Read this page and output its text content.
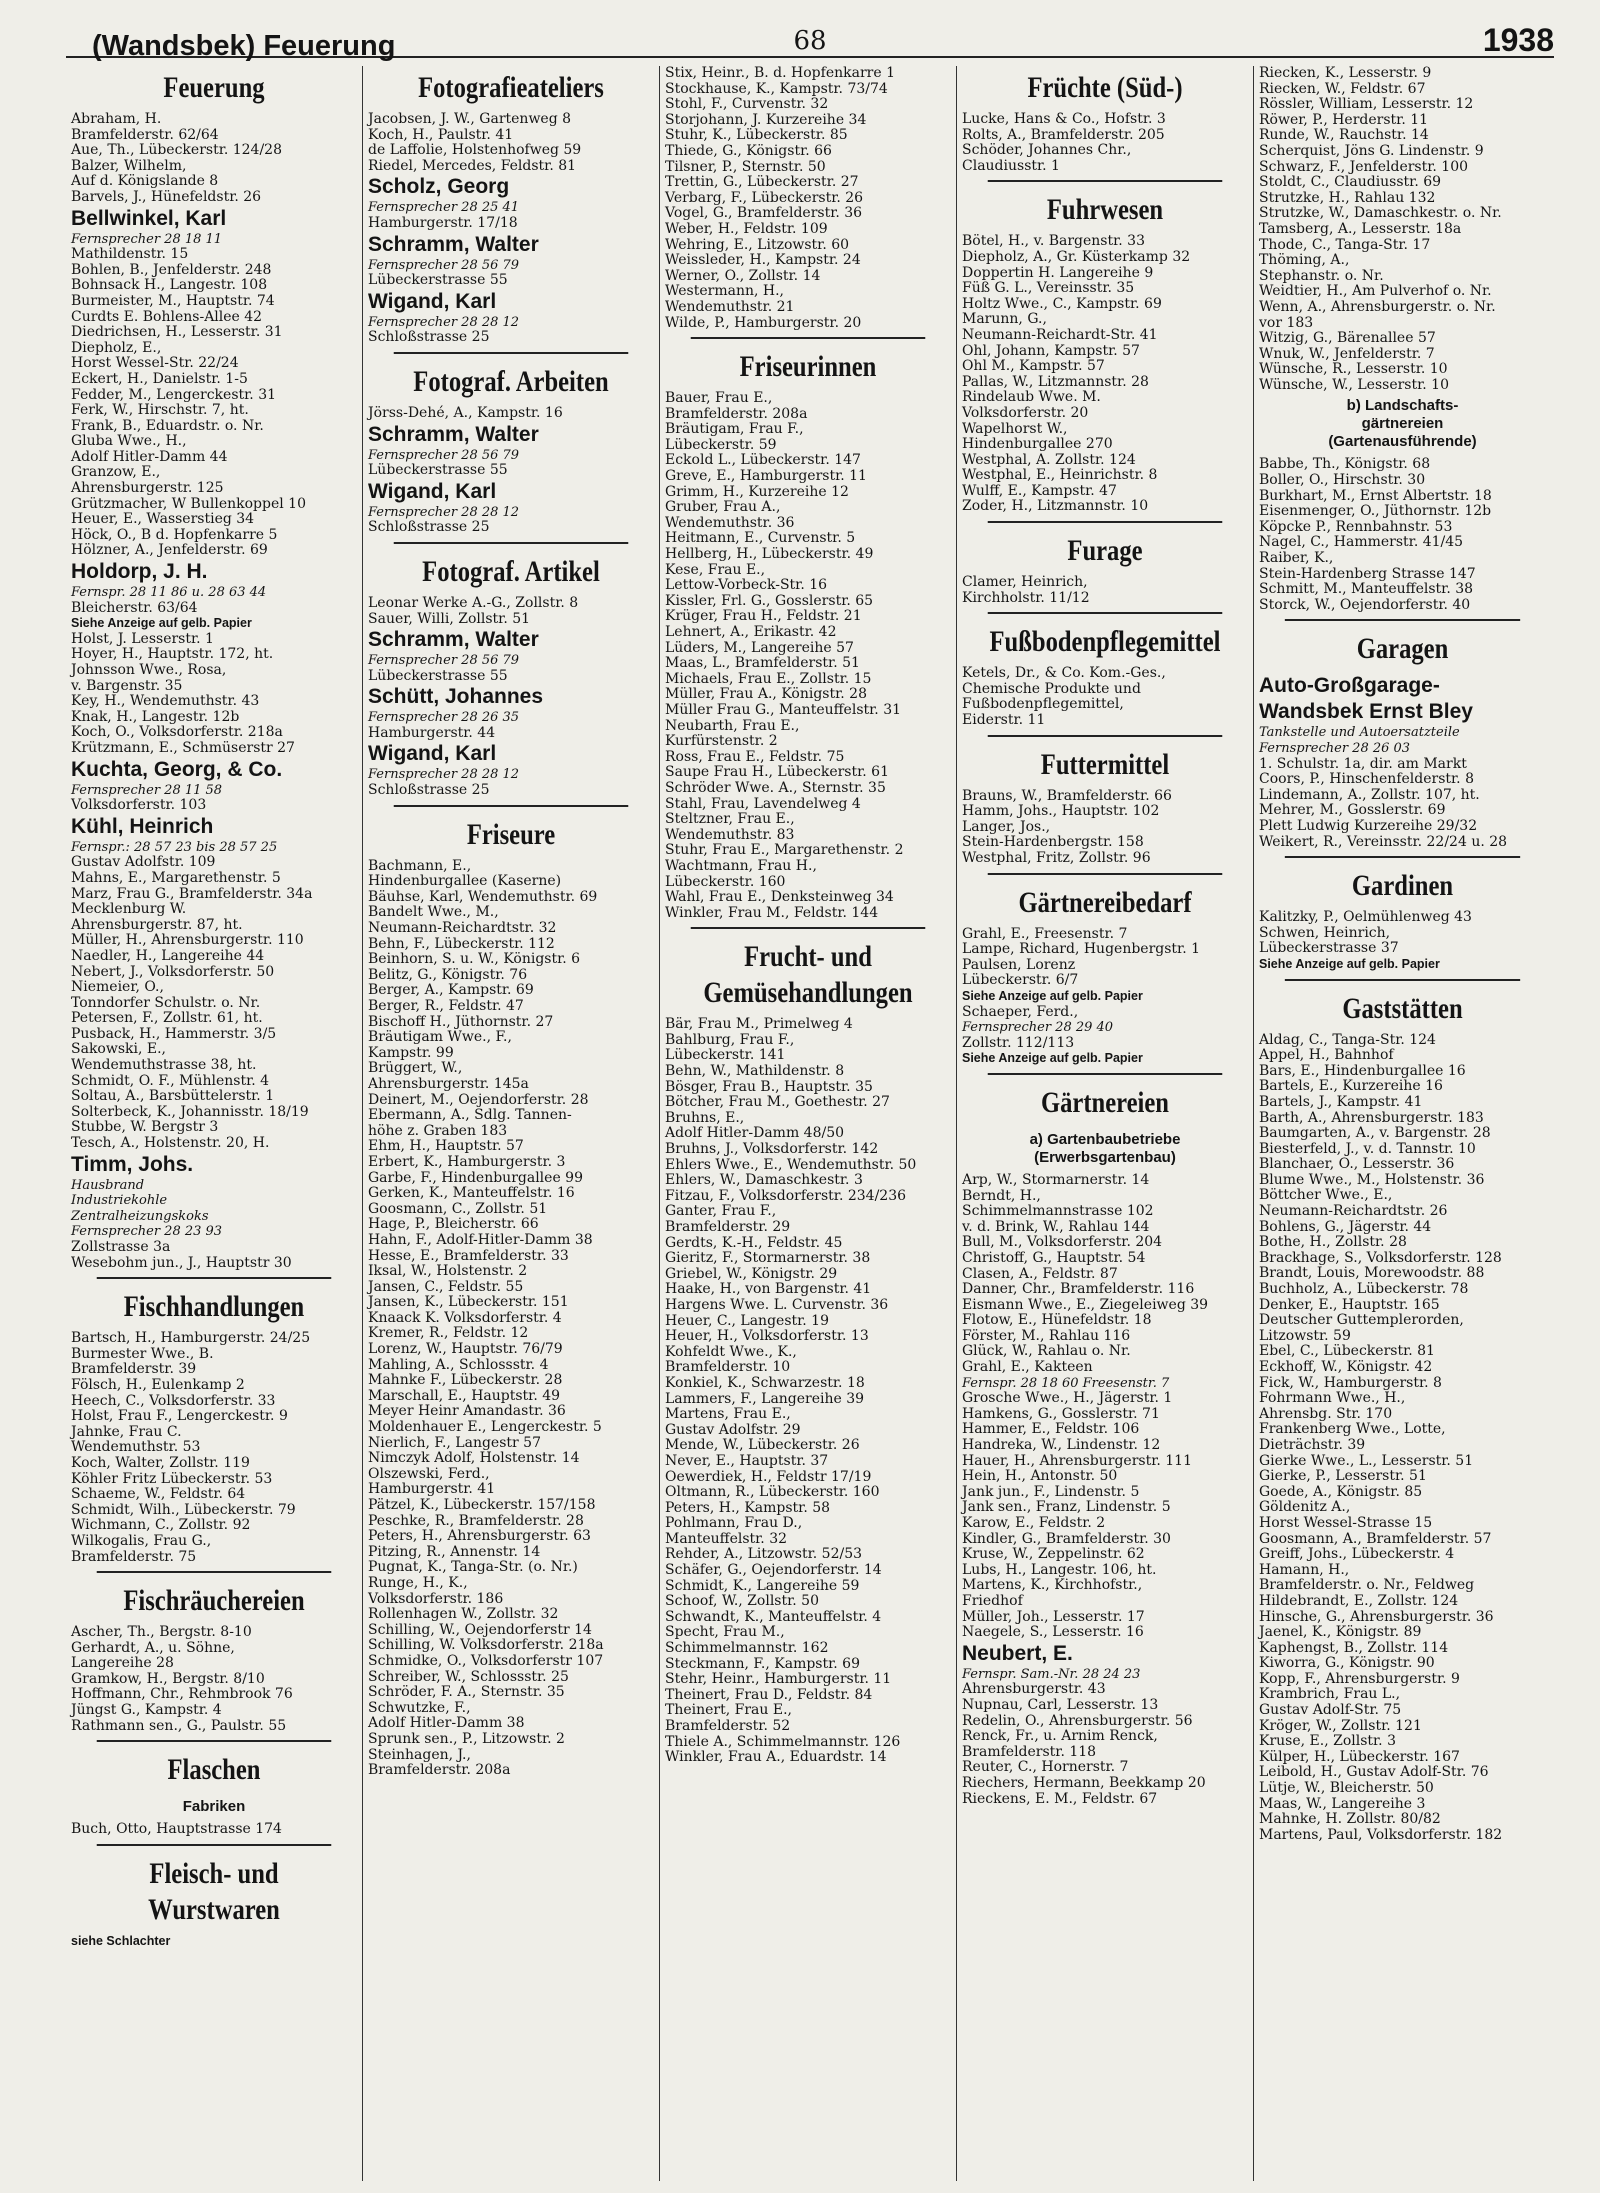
(Wandsbek) Feuerung	68	1938
Feuerung
Abraham, H.
Bramfelderstr. 62/64
Aue, Th., Lübeckerstr. 124/28
Balzer, Wilhelm,
Auf d. Königslande 8
Barvels, J., Hünefeldstr. 26
Bellwinkel, Karl
Fernsprecher 28 18 11
Mathildenstr. 15
Bohlen, B., Jenfelderstr. 248
Bohnsack H., Langestr. 108
Burmeister, M., Hauptstr. 74
Curdts E. Bohlens-Allee 42
Diedrichsen, H., Lesserstr. 31
Diepholz, E.,
Horst Wessel-Str. 22/24
Eckert, H., Danielstr. 1-5
Fedder, M., Lengerckestr. 31
Ferk, W., Hirschstr. 7, ht.
Frank, B., Eduardstr. o. Nr.
Gluba Wwe., H.,
Adolf Hitler-Damm 44
Granzow, E.,
Ahrensburgerstr. 125
Grützmacher, W Bullenkoppel 10
Heuer, E., Wasserstieg 34
Höck, O., B d. Hopfenkarre 5
Hölzner, A., Jenfelderstr. 69
Holdorp, J. H.
Fernspr. 28 11 86 u. 28 63 44
Bleicherstr. 63/64
Siehe Anzeige auf gelb. Papier
Holst, J. Lesserstr. 1
Hoyer, H., Hauptstr. 172, ht.
Johnsson Wwe., Rosa,
v. Bargenstr. 35
Key, H., Wendemuthstr. 43
Knak, H., Langestr. 12b
Koch, O., Volksdorferstr. 218a
Krützmann, E., Schmüserstr 27
Kuchta, Georg, & Co.
Fernsprecher 28 11 58
Volksdorferstr. 103
Kühl, Heinrich
Fernspr.: 28 57 23 bis 28 57 25
Gustav Adolfstr. 109
Mahns, E., Margarethenstr. 5
Marz, Frau G., Bramfelderstr. 34a
Mecklenburg W.
Ahrensburgerstr. 87, ht.
Müller, H., Ahrensburgerstr. 110
Naedler, H., Langereihe 44
Nebert, J., Volksdorferstr. 50
Niemeier, O.,
Tonndorfer Schulstr. o. Nr.
Petersen, F., Zollstr. 61, ht.
Pusback, H., Hammerstr. 3/5
Sakowski, E.,
Wendemuthstrasse 38, ht.
Schmidt, O. F., Mühlenstr. 4
Soltau, A., Barsbüttelerstr. 1
Solterbeck, K., Johannisstr. 18/19
Stubbe, W. Bergstr 3
Tesch, A., Holstenstr. 20, H.
Timm, Johs.
Hausbrand
Industriekohle
Zentralheizungskoks
Fernsprecher 28 23 93
Zollstrasse 3a
Wesebohm jun., J., Hauptstr 30
Fischhandlungen
Bartsch, H., Hamburgerstr. 24/25
Burmester Wwe., B.
Bramfelderstr. 39
Fölsch, H., Eulenkamp 2
Heech, C., Volksdorferstr. 33
Holst, Frau F., Lengerckestr. 9
Jahnke, Frau C.
Wendemuthstr. 53
Koch, Walter, Zollstr. 119
Köhler Fritz Lübeckerstr. 53
Schaeme, W., Feldstr. 64
Schmidt, Wilh., Lübeckerstr. 79
Wichmann, C., Zollstr. 92
Wilkogalis, Frau G.,
Bramfelderstr. 75
Fischräuchereien
Ascher, Th., Bergstr. 8-10
Gerhardt, A., u. Söhne,
Langereihe 28
Gramkow, H., Bergstr. 8/10
Hoffmann, Chr., Rehmbrook 76
Jüngst G., Kampstr. 4
Rathmann sen., G., Paulstr. 55
Flaschen
Fabriken
Buch, Otto, Hauptstrasse 174
Fleisch- und Wurstwaren
siehe Schlachter
Fotografieateliers
Jacobsen, J. W., Gartenweg 8
Koch, H., Paulstr. 41
de Laffolie, Holstenhofweg 59
Riedel, Mercedes, Feldstr. 81
Scholz, Georg
Fernsprecher 28 25 41
Hamburgerstr. 17/18
Schramm, Walter
Fernsprecher 28 56 79
Lübeckerstrasse 55
Wigand, Karl
Fernsprecher 28 28 12
Schloßstrasse 25
Fotograf. Arbeiten
Jörss-Dehé, A., Kampstr. 16
Schramm, Walter
Fernsprecher 28 56 79
Lübeckerstrasse 55
Wigand, Karl
Fernsprecher 28 28 12
Schloßstrasse 25
Fotograf. Artikel
Leonar Werke A.-G., Zollstr. 8
Sauer, Willi, Zollstr. 51
Schramm, Walter
Fernsprecher 28 56 79
Lübeckerstrasse 55
Schütt, Johannes
Fernsprecher 28 26 35
Hamburgerstr. 44
Wigand, Karl
Fernsprecher 28 28 12
Schloßstrasse 25
Friseure
Bachmann, E.,
Hindenburgallee (Kaserne)
Bäuhse, Karl, Wendemuthstr. 69
Bandelt Wwe., M.,
Neumann-Reichardtstr. 32
Behn, F., Lübeckerstr. 112
Beinhorn, S. u. W., Königstr. 6
Belitz, G., Königstr. 76
Berger, A., Kampstr. 69
Berger, R., Feldstr. 47
Bischoff H., Jüthornstr. 27
Bräutigam Wwe., F.,
Kampstr. 99
Brüggert, W.,
Ahrensburgerstr. 145a
Deinert, M., Oejendorferstr. 28
Ebermann, A., Sdlg. Tannen-
höhe z. Graben 183
Ehm, H., Hauptstr. 57
Erbert, K., Hamburgerstr. 3
Garbe, F., Hindenburgallee 99
Gerken, K., Manteuffelstr. 16
Goosmann, C., Zollstr. 51
Hage, P., Bleicherstr. 66
Hahn, F., Adolf-Hitler-Damm 38
Hesse, E., Bramfelderstr. 33
Iksal, W., Holstenstr. 2
Jansen, C., Feldstr. 55
Jansen, K., Lübeckerstr. 151
Knaack K. Volksdorferstr. 4
Kremer, R., Feldstr. 12
Lorenz, W., Hauptstr. 76/79
Mahling, A., Schlossstr. 4
Mahnke F., Lübeckerstr. 28
Marschall, E., Hauptstr. 49
Meyer Heinr Amandastr. 36
Moldenhauer E., Lengerckestr. 5
Nierlich, F., Langestr 57
Nimczyk Adolf, Holstenstr. 14
Olszewski, Ferd.,
Hamburgerstr. 41
Pätzel, K., Lübeckerstr. 157/158
Peschke, R., Bramfelderstr. 28
Peters, H., Ahrensburgerstr. 63
Pitzing, R., Annenstr. 14
Pugnat, K., Tanga-Str. (o. Nr.)
Runge, H., K.,
Volksdorferstr. 186
Rollenhagen W., Zollstr. 32
Schilling, W., Oejendorferstr 14
Schilling, W. Volksdorferstr. 218a
Schmidke, O., Volksdorferstr 107
Schreiber, W., Schlossstr. 25
Schröder, F. A., Sternstr. 35
Schwutzke, F.,
Adolf Hitler-Damm 38
Sprunk sen., P., Litzowstr. 2
Steinhagen, J.,
Bramfelderstr. 208a
Stix, Heinr., B. d. Hopfenkarre 1
Stockhause, K., Kampstr. 73/74
Stohl, F., Curvenstr. 32
Storjohann, J. Kurzereihe 34
Stuhr, K., Lübeckerstr. 85
Thiede, G., Königstr. 66
Tilsner, P., Sternstr. 50
Trettin, G., Lübeckerstr. 27
Verbarg, F., Lübeckerstr. 26
Vogel, G., Bramfelderstr. 36
Weber, H., Feldstr. 109
Wehring, E., Litzowstr. 60
Weissleder, H., Kampstr. 24
Werner, O., Zollstr. 14
Westermann, H.,
Wendemuthstr. 21
Wilde, P., Hamburgerstr. 20
Friseurinnen
Bauer, Frau E.,
Bramfelderstr. 208a
Bräutigam, Frau F.,
Lübeckerstr. 59
Eckold L., Lübeckerstr. 147
Greve, E., Hamburgerstr. 11
Grimm, H., Kurzereihe 12
Gruber, Frau A.,
Wendemuthstr. 36
Heitmann, E., Curvenstr. 5
Hellberg, H., Lübeckerstr. 49
Kese, Frau E.,
Lettow-Vorbeck-Str. 16
Kissler, Frl. G., Gosslerstr. 65
Krüger, Frau H., Feldstr. 21
Lehnert, A., Erikastr. 42
Lüders, M., Langereihe 57
Maas, L., Bramfelderstr. 51
Michaels, Frau E., Zollstr. 15
Müller, Frau A., Königstr. 28
Müller Frau G., Manteuffelstr. 31
Neubarth, Frau E.,
Kurfürstenstr. 2
Ross, Frau E., Feldstr. 75
Saupe Frau H., Lübeckerstr. 61
Schröder Wwe. A., Sternstr. 35
Stahl, Frau, Lavendelweg 4
Steltzner, Frau E.,
Wendemuthstr. 83
Stuhr, Frau E., Margarethenstr. 2
Wachtmann, Frau H.,
Lübeckerstr. 160
Wahl, Frau E., Denksteinweg 34
Winkler, Frau M., Feldstr. 144
Frucht- und Gemüsehandlungen
Bär, Frau M., Primelweg 4
Bahlburg, Frau F.,
Lübeckerstr. 141
Behn, W., Mathildenstr. 8
Bösger, Frau B., Hauptstr. 35
Bötcher, Frau M., Goethestr. 27
Bruhns, E.,
Adolf Hitler-Damm 48/50
Bruhns, J., Volksdorferstr. 142
Ehlers Wwe., E., Wendemuthstr. 50
Ehlers, W., Damaschkestr. 3
Fitzau, F., Volksdorferstr. 234/236
Ganter, Frau F.,
Bramfelderstr. 29
Gerdts, K.-H., Feldstr. 45
Gieritz, F., Stormarnerstr. 38
Griebel, W., Königstr. 29
Haake, H., von Bargenstr. 41
Hargens Wwe. L. Curvenstr. 36
Heuer, C., Langestr. 19
Heuer, H., Volksdorferstr. 13
Kohfeldt Wwe., K.,
Bramfelderstr. 10
Konkiel, K., Schwarzestr. 18
Lammers, F., Langereihe 39
Martens, Frau E.,
Gustav Adolfstr. 29
Mende, W., Lübeckerstr. 26
Never, E., Hauptstr. 37
Oewerdiek, H., Feldstr 17/19
Oltmann, R., Lübeckerstr. 160
Peters, H., Kampstr. 58
Pohlmann, Frau D.,
Manteuffelstr. 32
Rehder, A., Litzowstr. 52/53
Schäfer, G., Oejendorferstr. 14
Schmidt, K., Langereihe 59
Schoof, W., Zollstr. 50
Schwandt, K., Manteuffelstr. 4
Specht, Frau M.,
Schimmelmannstr. 162
Steckmann, F., Kampstr. 69
Stehr, Heinr., Hamburgerstr. 11
Theinert, Frau D., Feldstr. 84
Theinert, Frau E.,
Bramfelderstr. 52
Thiele A., Schimmelmannstr. 126
Winkler, Frau A., Eduardstr. 14
Früchte (Süd-)
Lucke, Hans & Co., Hofstr. 3
Rolts, A., Bramfelderstr. 205
Schöder, Johannes Chr.,
Claudiusstr. 1
Fuhrwesen
Bötel, H., v. Bargenstr. 33
Diepholz, A., Gr. Küsterkamp 32
Doppertin H. Langereihe 9
Füß G. L., Vereinsstr. 35
Holtz Wwe., C., Kampstr. 69
Marunn, G.,
Neumann-Reichardt-Str. 41
Ohl, Johann, Kampstr. 57
Ohl M., Kampstr. 57
Pallas, W., Litzmannstr. 28
Rindelaub Wwe. M.
Volksdorferstr. 20
Wapelhorst W.,
Hindenburgallee 270
Westphal, A. Zollstr. 124
Westphal, E., Heinrichstr. 8
Wulff, E., Kampstr. 47
Zoder, H., Litzmannstr. 10
Furage
Clamer, Heinrich,
Kirchholstr. 11/12
Fußbodenpflegemittel
Ketels, Dr., & Co. Kom.-Ges.,
Chemische Produkte und
Fußbodenpflegemittel,
Eiderstr. 11
Futtermittel
Brauns, W., Bramfelderstr. 66
Hamm, Johs., Hauptstr. 102
Langer, Jos.,
Stein-Hardenbergstr. 158
Westphal, Fritz, Zollstr. 96
Gärtnereibedarf
Grahl, E., Freesenstr. 7
Lampe, Richard, Hugenbergstr. 1
Paulsen, Lorenz
Lübeckerstr. 6/7
Siehe Anzeige auf gelb. Papier
Schaeper, Ferd.,
Fernsprecher 28 29 40
Zollstr. 112/113
Siehe Anzeige auf gelb. Papier
Gärtnereien
a) Gartenbaubetriebe
(Erwerbsgartenbau)
Arp, W., Stormarnerstr. 14
Berndt, H.,
Schimmelmannstrasse 102
v. d. Brink, W., Rahlau 144
Bull, M., Volksdorferstr. 204
Christoff, G., Hauptstr. 54
Clasen, A., Feldstr. 87
Danner, Chr., Bramfelderstr. 116
Eismann Wwe., E., Ziegeleiweg 39
Flotow, E., Hünefeldstr. 18
Förster, M., Rahlau 116
Glück, W., Rahlau o. Nr.
Grahl, E., Kakteen
Fernspr. 28 18 60 Freesenstr. 7
Grosche Wwe., H., Jägerstr. 1
Hamkens, G., Gosslerstr. 71
Hammer, E., Feldstr. 106
Handreka, W., Lindenstr. 12
Hauer, H., Ahrensburgerstr. 111
Hein, H., Antonstr. 50
Jank jun., F., Lindenstr. 5
Jank sen., Franz, Lindenstr. 5
Karow, E., Feldstr. 2
Kindler, G., Bramfelderstr. 30
Kruse, W., Zeppelinstr. 62
Lubs, H., Langestr. 106, ht.
Martens, K., Kirchhofstr.,
Friedhof
Müller, Joh., Lesserstr. 17
Naegele, S., Lesserstr. 16
Neubert, E.
Fernspr. Sam.-Nr. 28 24 23
Ahrensburgerstr. 43
Nupnau, Carl, Lesserstr. 13
Redelin, O., Ahrensburgerstr. 56
Renck, Fr., u. Arnim Renck,
Bramfelderstr. 118
Reuter, C., Hornerstr. 7
Riechers, Hermann, Beekkamp 20
Rieckens, E. M., Feldstr. 67
Riecken, K., Lesserstr. 9
Riecken, W., Feldstr. 67
Rössler, William, Lesserstr. 12
Röwer, P., Herderstr. 11
Runde, W., Rauchstr. 14
Scherquist, Jöns G. Lindenstr. 9
Schwarz, F., Jenfelderstr. 100
Stoldt, C., Claudiusstr. 69
Strutzke, H., Rahlau 132
Strutzke, W., Damaschkestr. o. Nr.
Tamsberg, A., Lesserstr. 18a
Thode, C., Tanga-Str. 17
Thöming, A.,
Stephanstr. o. Nr.
Weidtier, H., Am Pulverhof o. Nr.
Wenn, A., Ahrensburgerstr. o. Nr.
vor 183
Witzig, G., Bärenallee 57
Wnuk, W., Jenfelderstr. 7
Wünsche, R., Lesserstr. 10
Wünsche, W., Lesserstr. 10
b) Landschafts-
gärtnereien
(Gartenausführende)
Babbe, Th., Königstr. 68
Boller, O., Hirschstr. 30
Burkhart, M., Ernst Albertstr. 18
Eisenmenger, O., Jüthornstr. 12b
Köpcke P., Rennbahnstr. 53
Nagel, C., Hammerstr. 41/45
Raiber, K.,
Stein-Hardenberg Strasse 147
Schmitt, M., Manteuffelstr. 38
Storck, W., Oejendorferstr. 40
Garagen
Auto-Großgarage-
Wandsbek Ernst Bley
Tankstelle und Autoersatzteile
Fernsprecher 28 26 03
1. Schulstr. 1a, dir. am Markt
Coors, P., Hinschenfelderstr. 8
Lindemann, A., Zollstr. 107, ht.
Mehrer, M., Gosslerstr. 69
Plett Ludwig Kurzereihe 29/32
Weikert, R., Vereinsstr. 22/24 u. 28
Gardinen
Kalitzky, P., Oelmühlenweg 43
Schwen, Heinrich,
Lübeckerstrasse 37
Siehe Anzeige auf gelb. Papier
Gaststätten
Aldag, C., Tanga-Str. 124
Appel, H., Bahnhof
Bars, E., Hindenburgallee 16
Bartels, E., Kurzereihe 16
Bartels, J., Kampstr. 41
Barth, A., Ahrensburgerstr. 183
Baumgarten, A., v. Bargenstr. 28
Biesterfeld, J., v. d. Tannstr. 10
Blanchaer, O., Lesserstr. 36
Blume Wwe., M., Holstenstr. 36
Böttcher Wwe., E.,
Neumann-Reichardtstr. 26
Bohlens, G., Jägerstr. 44
Bothe, H., Zollstr. 28
Brackhage, S., Volksdorferstr. 128
Brandt, Louis, Morewoodstr. 88
Buchholz, A., Lübeckerstr. 78
Denker, E., Hauptstr. 165
Deutscher Guttemplerorden,
Litzowstr. 59
Ebel, C., Lübeckerstr. 81
Eckhoff, W., Königstr. 42
Fick, W., Hamburgerstr. 8
Fohrmann Wwe., H.,
Ahrensbg. Str. 170
Frankenberg Wwe., Lotte,
Dieträchstr. 39
Gierke Wwe., L., Lesserstr. 51
Gierke, P., Lesserstr. 51
Goede, A., Königstr. 85
Göldenitz A.,
Horst Wessel-Strasse 15
Goosmann, A., Bramfelderstr. 57
Greiff, Johs., Lübeckerstr. 4
Hamann, H.,
Bramfelderstr. o. Nr., Feldweg
Hildebrandt, E., Zollstr. 124
Hinsche, G., Ahrensburgerstr. 36
Jaenel, K., Königstr. 89
Kaphengst, B., Zollstr. 114
Kiworra, G., Königstr. 90
Kopp, F., Ahrensburgerstr. 9
Krambrich, Frau L.,
Gustav Adolf-Str. 75
Kröger, W., Zollstr. 121
Kruse, E., Zollstr. 3
Külper, H., Lübeckerstr. 167
Leibold, H., Gustav Adolf-Str. 76
Lütje, W., Bleicherstr. 50
Maas, W., Langereihe 3
Mahnke, H. Zollstr. 80/82
Martens, Paul, Volksdorferstr. 182
